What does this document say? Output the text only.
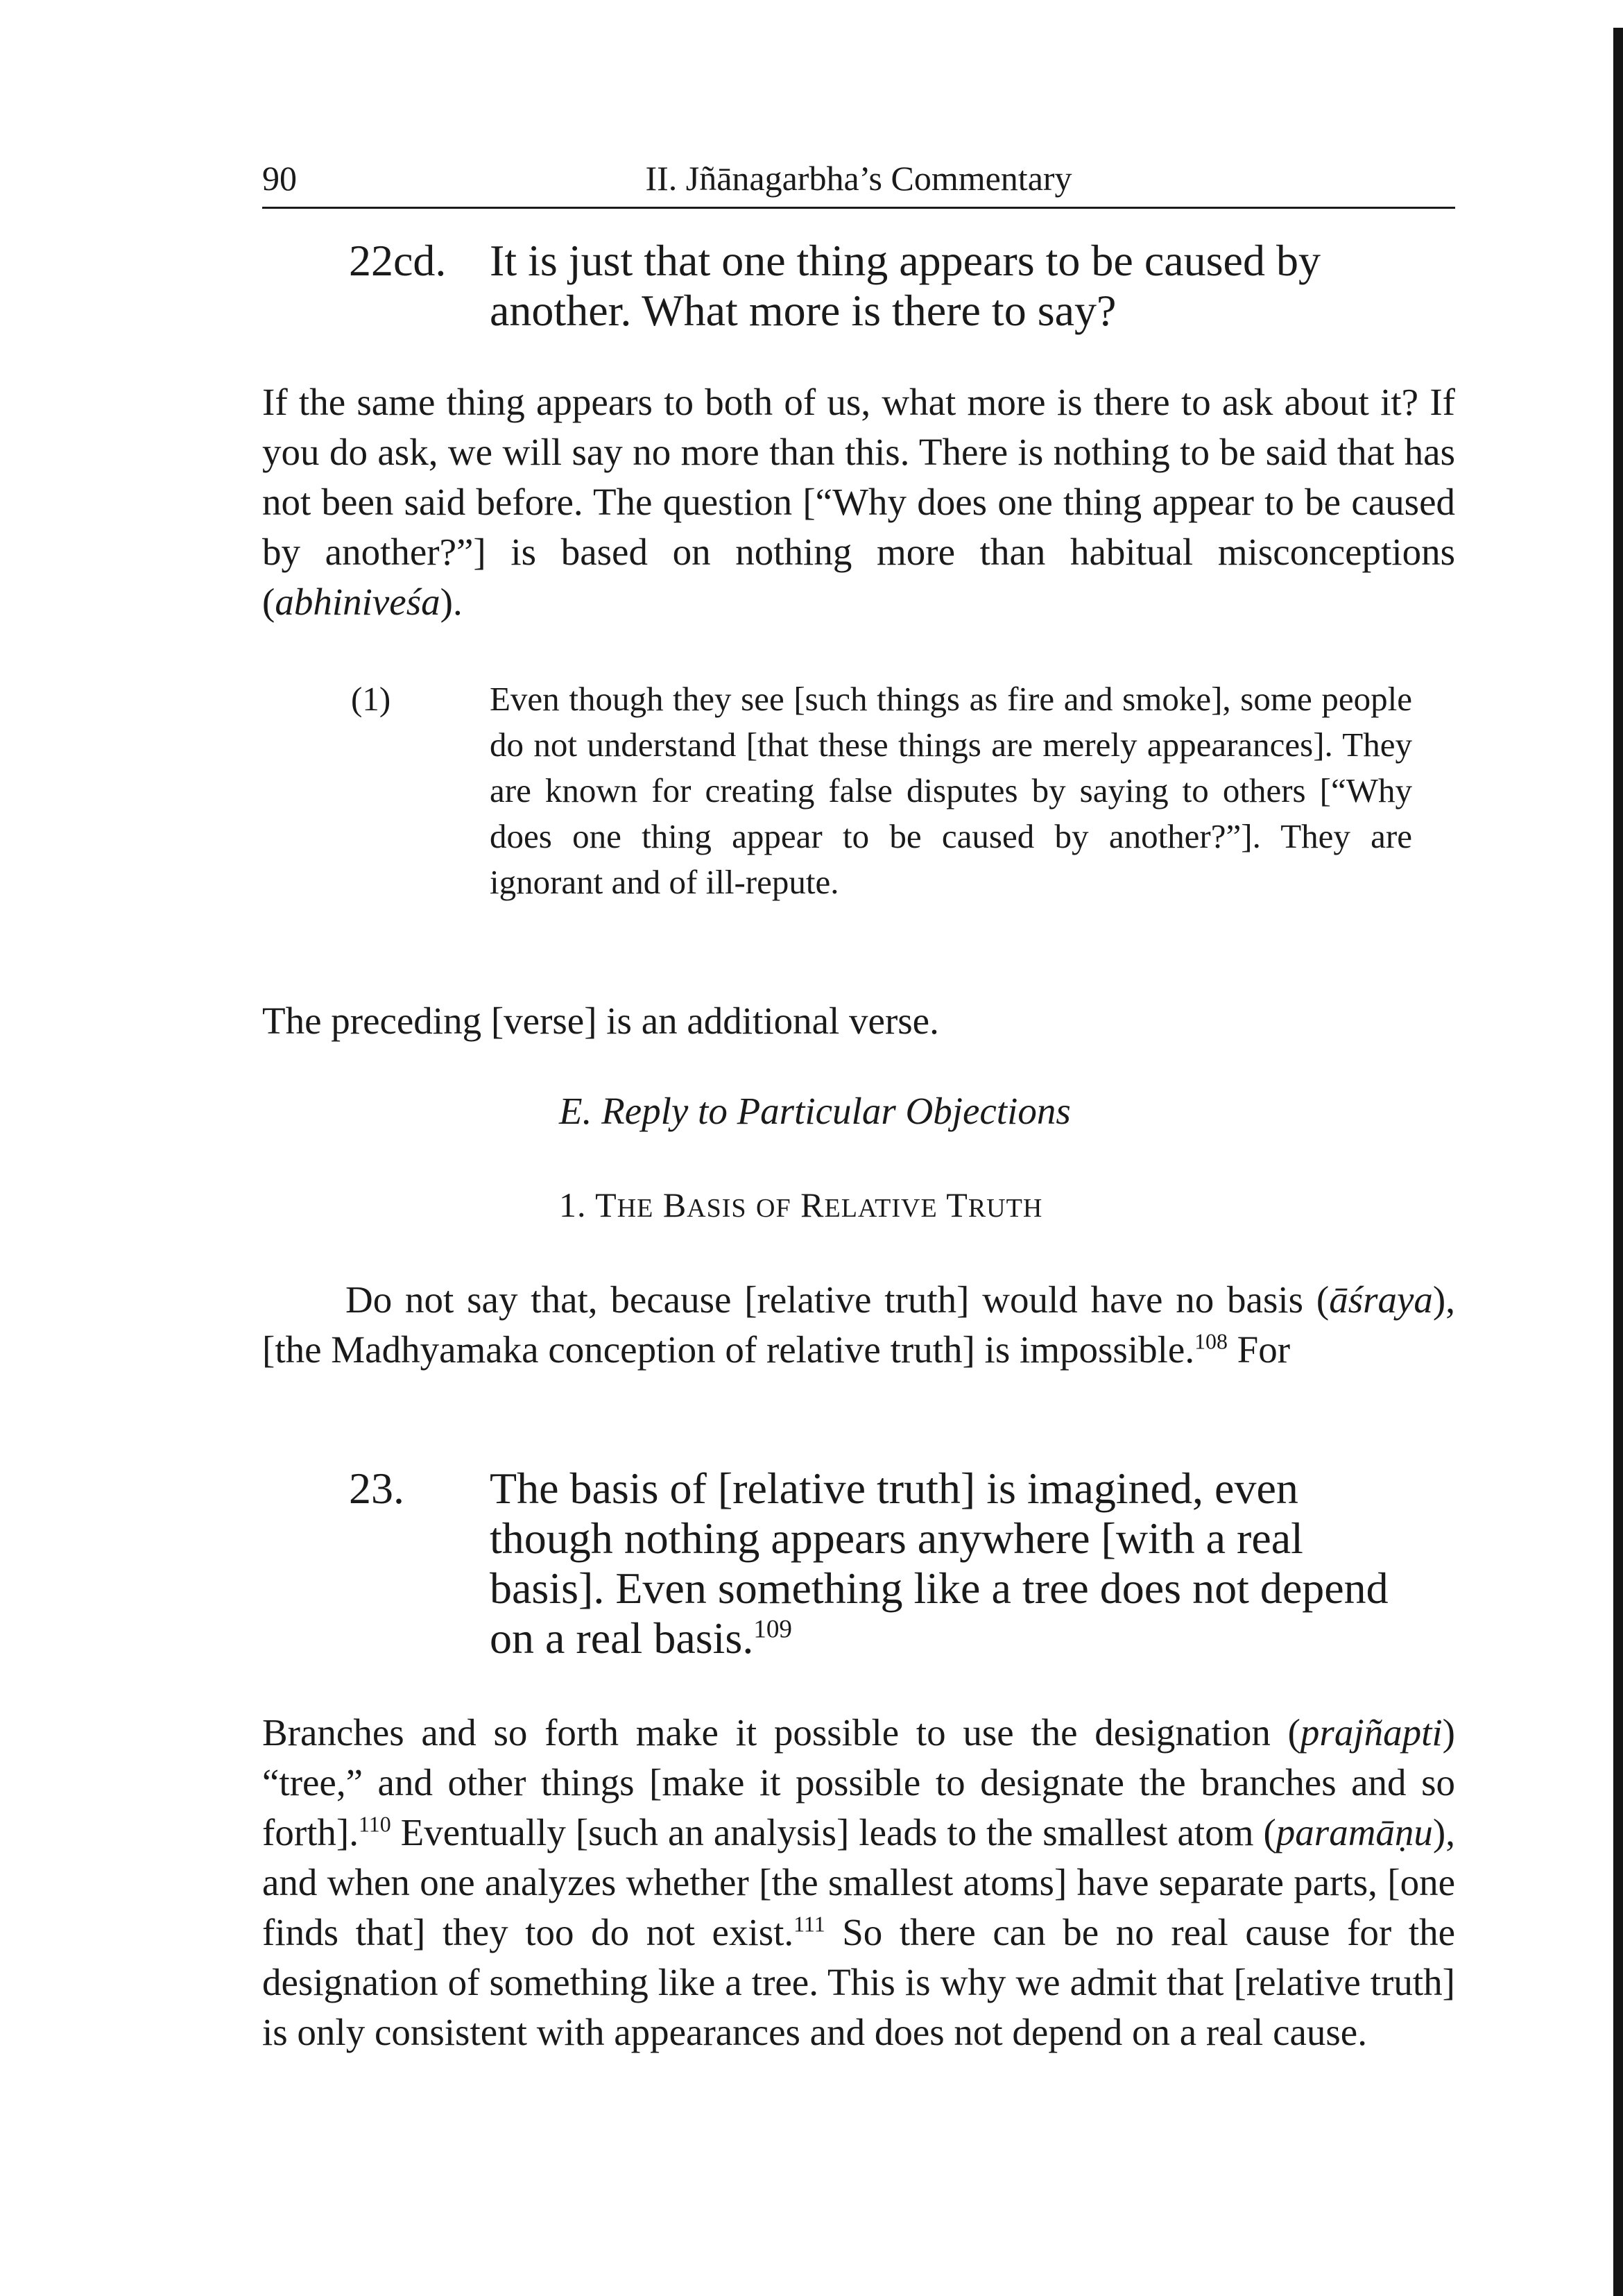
90	II. Jñānagarbha’s Commentary
22cd. It is just that one thing appears to be caused by another. What more is there to say?
If the same thing appears to both of us, what more is there to ask about it? If you do ask, we will say no more than this. There is nothing to be said that has not been said before. The question [“Why does one thing appear to be caused by another?”] is based on nothing more than habitual misconceptions (abhiniveśa).
(1)	Even though they see [such things as fire and smoke], some people do not understand [that these things are merely appearances]. They are known for creating false disputes by saying to others [“Why does one thing appear to be caused by another?”]. They are ignorant and of ill-repute.
The preceding [verse] is an additional verse.
E. Reply to Particular Objections
1. THE BASIS OF RELATIVE TRUTH
Do not say that, because [relative truth] would have no basis (āśraya), [the Madhyamaka conception of relative truth] is impossible.$^{108}$ For
23. The basis of [relative truth] is imagined, even though nothing appears anywhere [with a real basis]. Even something like a tree does not depend on a real basis.$^{109}$
Branches and so forth make it possible to use the designation (prajñapti) “tree,” and other things [make it possible to designate the branches and so forth].$^{110}$ Eventually [such an analysis] leads to the smallest atom (paramāṇu), and when one analyzes whether [the smallest atoms] have separate parts, [one finds that] they too do not exist.$^{111}$ So there can be no real cause for the designation of something like a tree. This is why we admit that [relative truth] is only consistent with appearances and does not depend on a real cause.
